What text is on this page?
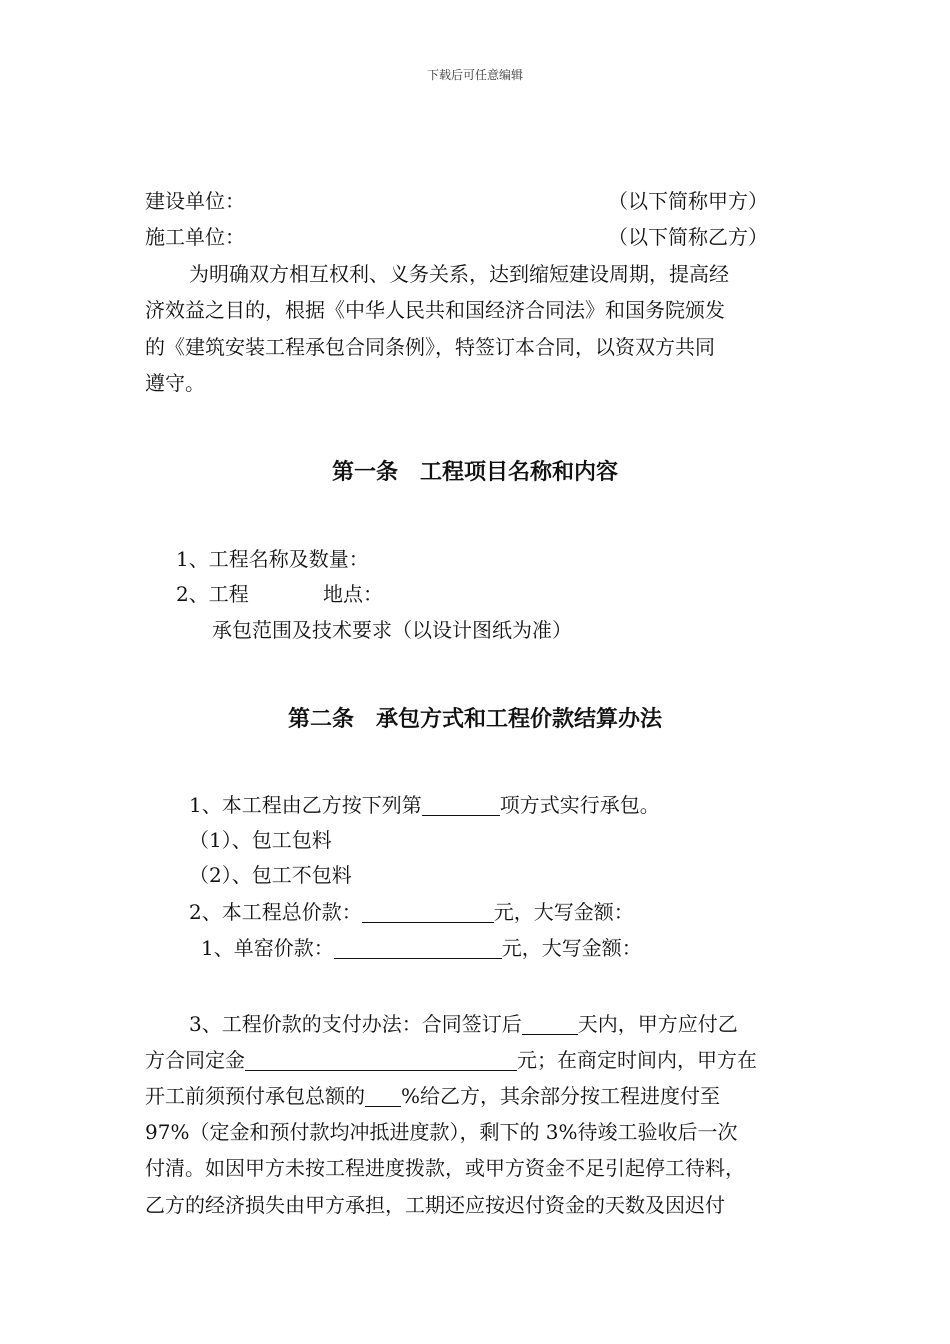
下载后可任意编辑
建设单位：	（以下简称甲方）
施工单位：	（以下简称乙方）
为明确双方相互权利、义务关系，达到缩短建设周期，提高经
济效益之目的，根据《中华人民共和国经济合同法》和国务院颁发
的《建筑安装工程承包合同条例》，特签订本合同，以资双方共同
遵守。
第一条　工程项目名称和内容
1、工程名称及数量：
2、工程	地点：
承包范围及技术要求（以设计图纸为准）
第二条　承包方式和工程价款结算办法
1、本工程由乙方按下列第	项方式实行承包。
（1）、包工包料
（2）、包工不包料
2、本工程总价款：	元，大写金额：
1、单窑价款：	元，大写金额：
3、工程价款的支付办法：合同签订后	天内，甲方应付乙
方合同定金	元；在商定时间内，甲方在
开工前须预付承包总额的 %给乙方，其余部分按工程进度付至
97%（定金和预付款均冲抵进度款），剩下的 3%待竣工验收后一次
付清。如因甲方未按工程进度拨款，或甲方资金不足引起停工待料，
乙方的经济损失由甲方承担，工期还应按迟付资金的天数及因迟付
